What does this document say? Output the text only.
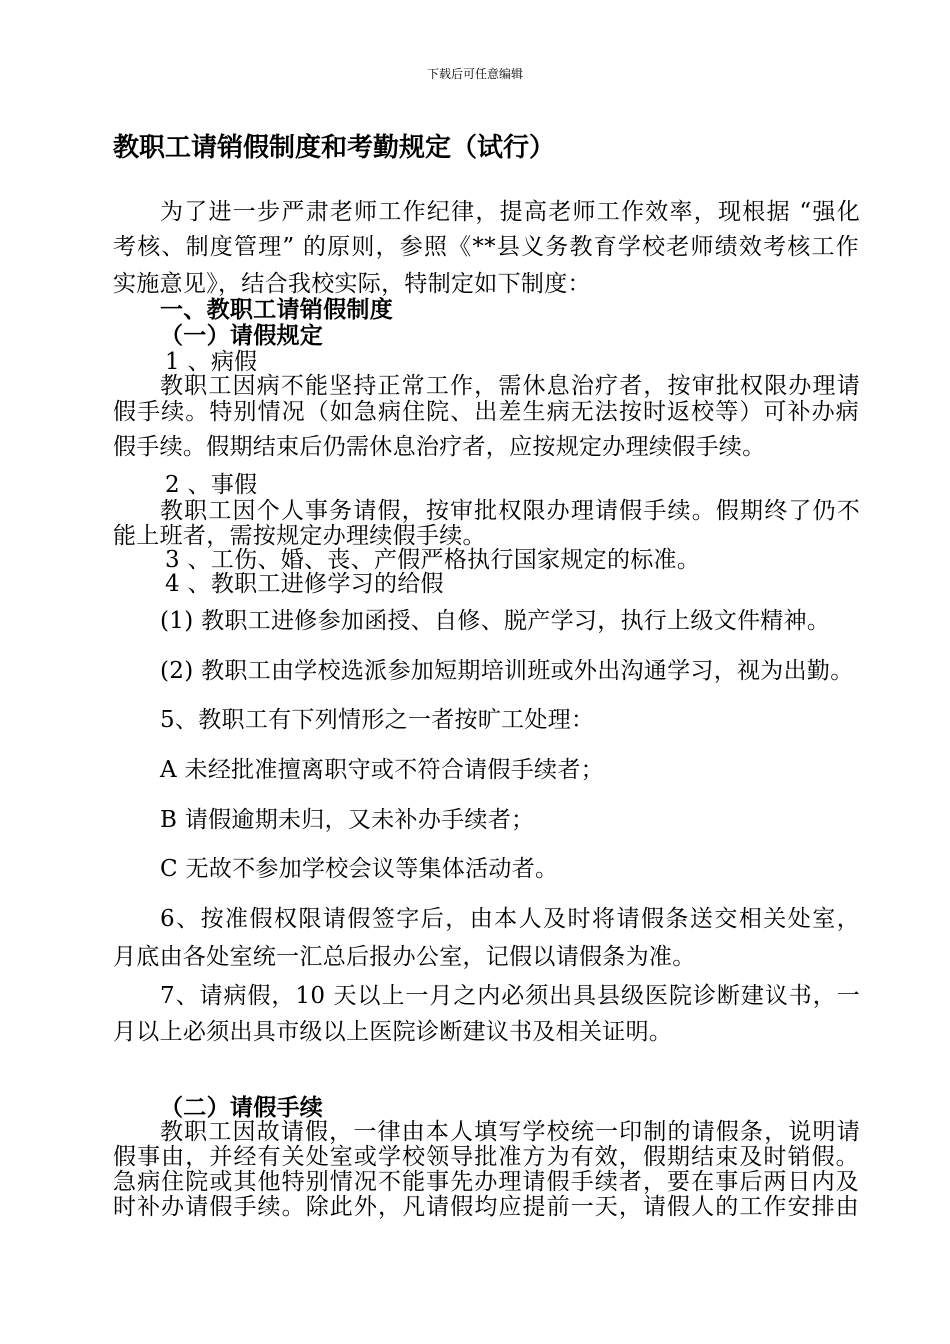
下载后可任意编辑
教职工请销假制度和考勤规定（试行）
为了进一步严肃老师工作纪律，提高老师工作效率，现根据 “强化
考核、制度管理” 的原则，参照《**县义务教育学校老师绩效考核工作
实施意见》，结合我校实际，特制定如下制度：
一、教职工请销假制度
（一）请假规定
1 、病假
教职工因病不能坚持正常工作，需休息治疗者，按审批权限办理请
假手续。特别情况（如急病住院、出差生病无法按时返校等）可补办病
假手续。假期结束后仍需休息治疗者，应按规定办理续假手续。
2 、事假
教职工因个人事务请假，按审批权限办理请假手续。假期终了仍不
能上班者，需按规定办理续假手续。
3 、工伤、婚、丧、产假严格执行国家规定的标准。
4 、教职工进修学习的给假
(1) 教职工进修参加函授、自修、脱产学习，执行上级文件精神。
(2) 教职工由学校选派参加短期培训班或外出沟通学习，视为出勤。
5、教职工有下列情形之一者按旷工处理：
A 未经批准擅离职守或不符合请假手续者；
B 请假逾期未归，又未补办手续者；
C 无故不参加学校会议等集体活动者。
6、按准假权限请假签字后，由本人及时将请假条送交相关处室，
月底由各处室统一汇总后报办公室，记假以请假条为准。
7、请病假，10 天以上一月之内必须出具县级医院诊断建议书，一
月以上必须出具市级以上医院诊断建议书及相关证明。
（二）请假手续
教职工因故请假，一律由本人填写学校统一印制的请假条，说明请
假事由，并经有关处室或学校领导批准方为有效，假期结束及时销假。
急病住院或其他特别情况不能事先办理请假手续者，要在事后两日内及
时补办请假手续。除此外，凡请假均应提前一天，请假人的工作安排由
